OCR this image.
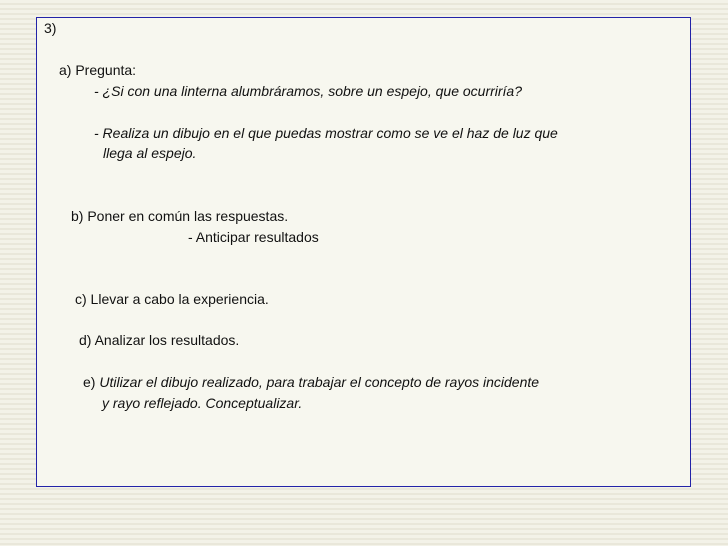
3)
a) Pregunta:
- ¿Si con una linterna alumbráramos, sobre un espejo, que ocurriría?
- Realiza un dibujo en el que puedas mostrar como se ve el haz de luz que
llega al espejo.
b) Poner en común las respuestas.
- Anticipar resultados
c) Llevar a cabo la experiencia.
d) Analizar los resultados.
e) Utilizar el dibujo realizado, para trabajar el concepto de rayos incidente
y rayo reflejado. Conceptualizar.
